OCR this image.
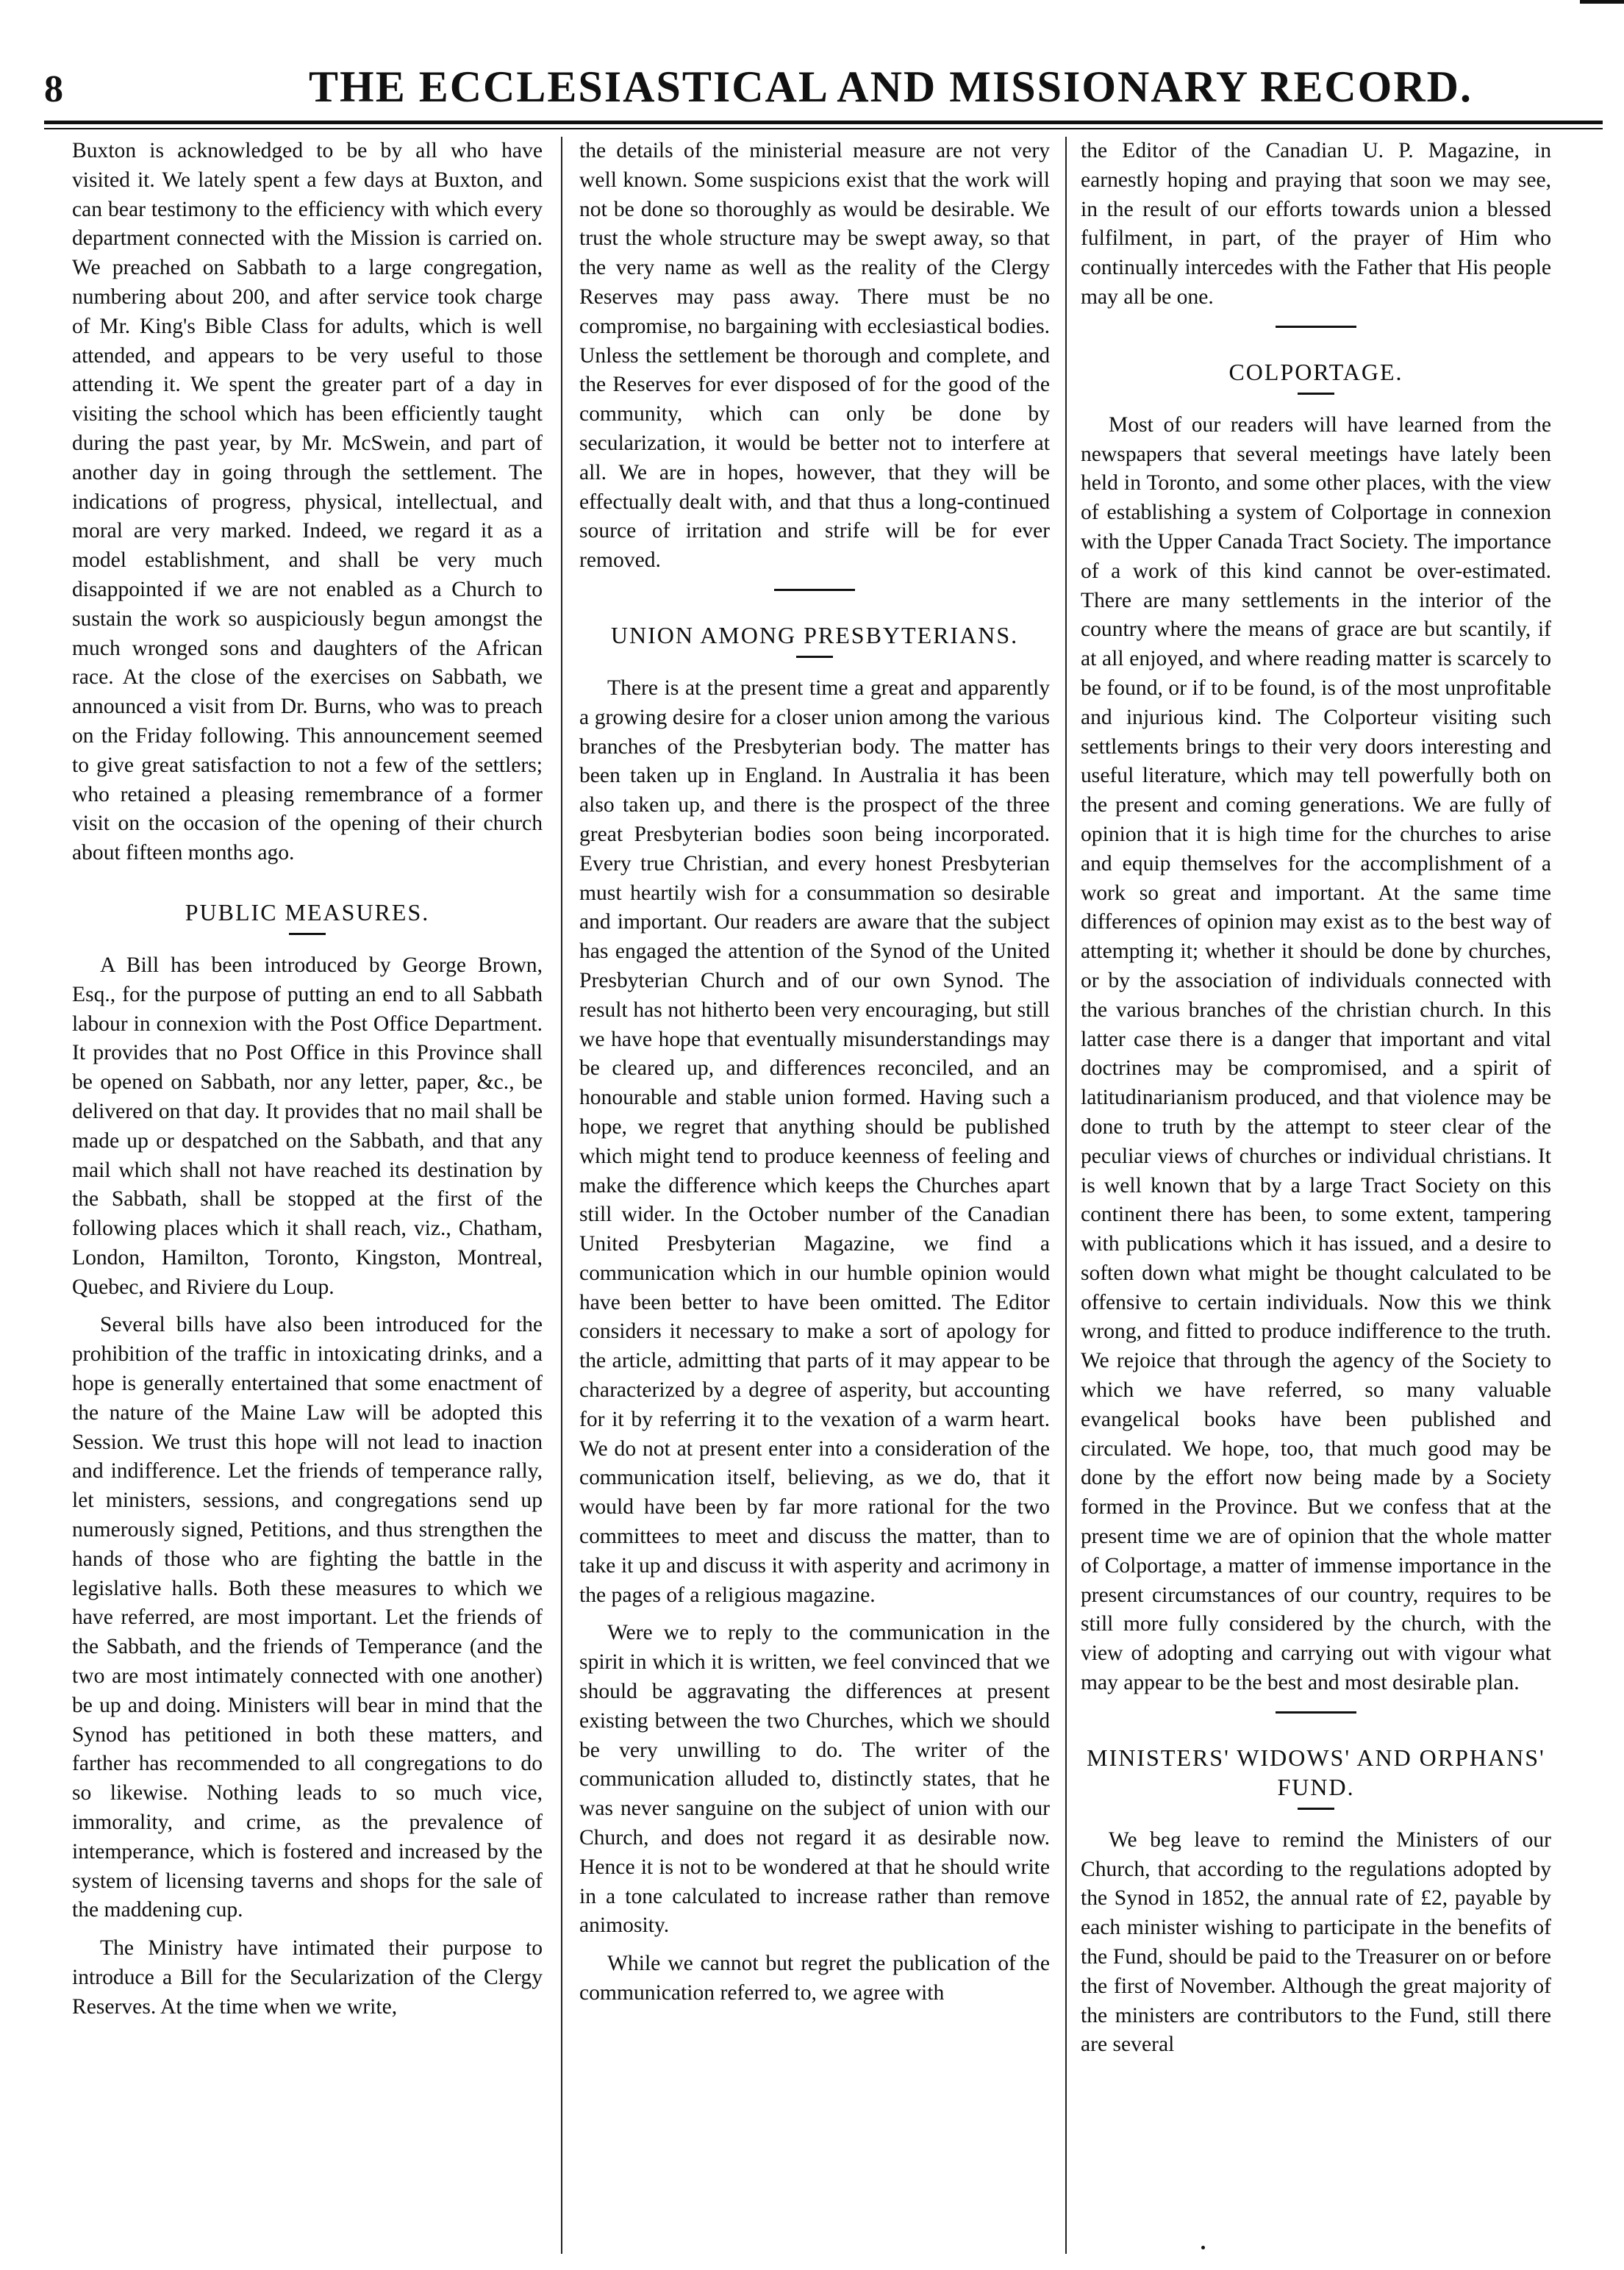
8	THE ECCLESIASTICAL AND MISSIONARY RECORD.

Buxton is acknowledged to be by all who have visited it. We lately spent a few days at Buxton, and can bear testimony to the efficiency with which every department connected with the Mission is carried on. We preached on Sabbath to a large congregation, numbering about 200, and after service took charge of Mr. King's Bible Class for adults, which is well attended, and appears to be very useful to those attending it. We spent the greater part of a day in visiting the school which has been efficiently taught during the past year, by Mr. McSwein, and part of another day in going through the settlement. The indications of progress, physical, intellectual, and moral are very marked. Indeed, we regard it as a model establishment, and shall be very much disappointed if we are not enabled as a Church to sustain the work so auspiciously begun amongst the much wronged sons and daughters of the African race. At the close of the exercises on Sabbath, we announced a visit from Dr. Burns, who was to preach on the Friday following. This announcement seemed to give great satisfaction to not a few of the settlers; who retained a pleasing remembrance of a former visit on the occasion of the opening of their church about fifteen months ago.

PUBLIC MEASURES.

A Bill has been introduced by George Brown, Esq., for the purpose of putting an end to all Sabbath labour in connexion with the Post Office Department. It provides that no Post Office in this Province shall be opened on Sabbath, nor any letter, paper, &c., be delivered on that day. It provides that no mail shall be made up or despatched on the Sabbath, and that any mail which shall not have reached its destination by the Sabbath, shall be stopped at the first of the following places which it shall reach, viz., Chatham, London, Hamilton, Toronto, Kingston, Montreal, Quebec, and Riviere du Loup.

Several bills have also been introduced for the prohibition of the traffic in intoxicating drinks, and a hope is generally entertained that some enactment of the nature of the Maine Law will be adopted this Session. We trust this hope will not lead to inaction and indifference. Let the friends of temperance rally, let ministers, sessions, and congregations send up numerously signed, Petitions, and thus strengthen the hands of those who are fighting the battle in the legislative halls. Both these measures to which we have referred, are most important. Let the friends of the Sabbath, and the friends of Temperance (and the two are most intimately connected with one another) be up and doing. Ministers will bear in mind that the Synod has petitioned in both these matters, and farther has recommended to all congregations to do so likewise. Nothing leads to so much vice, immorality, and crime, as the prevalence of intemperance, which is fostered and increased by the system of licensing taverns and shops for the sale of the maddening cup.

The Ministry have intimated their purpose to introduce a Bill for the Secularization of the Clergy Reserves. At the time when we write,

the details of the ministerial measure are not very well known. Some suspicions exist that the work will not be done so thoroughly as would be desirable. We trust the whole structure may be swept away, so that the very name as well as the reality of the Clergy Reserves may pass away. There must be no compromise, no bargaining with ecclesiastical bodies. Unless the settlement be thorough and complete, and the Reserves for ever disposed of for the good of the community, which can only be done by secularization, it would be better not to interfere at all. We are in hopes, however, that they will be effectually dealt with, and that thus a long-continued source of irritation and strife will be for ever removed.

UNION AMONG PRESBYTERIANS.

There is at the present time a great and apparently a growing desire for a closer union among the various branches of the Presbyterian body. The matter has been taken up in England. In Australia it has been also taken up, and there is the prospect of the three great Presbyterian bodies soon being incorporated. Every true Christian, and every honest Presbyterian must heartily wish for a consummation so desirable and important. Our readers are aware that the subject has engaged the attention of the Synod of the United Presbyterian Church and of our own Synod. The result has not hitherto been very encouraging, but still we have hope that eventually misunderstandings may be cleared up, and differences reconciled, and an honourable and stable union formed. Having such a hope, we regret that anything should be published which might tend to produce keenness of feeling and make the difference which keeps the Churches apart still wider. In the October number of the Canadian United Presbyterian Magazine, we find a communication which in our humble opinion would have been better to have been omitted. The Editor considers it necessary to make a sort of apology for the article, admitting that parts of it may appear to be characterized by a degree of asperity, but accounting for it by referring it to the vexation of a warm heart. We do not at present enter into a consideration of the communication itself, believing, as we do, that it would have been by far more rational for the two committees to meet and discuss the matter, than to take it up and discuss it with asperity and acrimony in the pages of a religious magazine.

Were we to reply to the communication in the spirit in which it is written, we feel convinced that we should be aggravating the differences at present existing between the two Churches, which we should be very unwilling to do. The writer of the communication alluded to, distinctly states, that he was never sanguine on the subject of union with our Church, and does not regard it as desirable now. Hence it is not to be wondered at that he should write in a tone calculated to increase rather than remove animosity.

While we cannot but regret the publication of the communication referred to, we agree with

the Editor of the Canadian U. P. Magazine, in earnestly hoping and praying that soon we may see, in the result of our efforts towards union a blessed fulfilment, in part, of the prayer of Him who continually intercedes with the Father that His people may all be one.

COLPORTAGE.

Most of our readers will have learned from the newspapers that several meetings have lately been held in Toronto, and some other places, with the view of establishing a system of Colportage in connexion with the Upper Canada Tract Society. The importance of a work of this kind cannot be over-estimated. There are many settlements in the interior of the country where the means of grace are but scantily, if at all enjoyed, and where reading matter is scarcely to be found, or if to be found, is of the most unprofitable and injurious kind. The Colporteur visiting such settlements brings to their very doors interesting and useful literature, which may tell powerfully both on the present and coming generations. We are fully of opinion that it is high time for the churches to arise and equip themselves for the accomplishment of a work so great and important. At the same time differences of opinion may exist as to the best way of attempting it; whether it should be done by churches, or by the association of individuals connected with the various branches of the christian church. In this latter case there is a danger that important and vital doctrines may be compromised, and a spirit of latitudinarianism produced, and that violence may be done to truth by the attempt to steer clear of the peculiar views of churches or individual christians. It is well known that by a large Tract Society on this continent there has been, to some extent, tampering with publications which it has issued, and a desire to soften down what might be thought calculated to be offensive to certain individuals. Now this we think wrong, and fitted to produce indifference to the truth. We rejoice that through the agency of the Society to which we have referred, so many valuable evangelical books have been published and circulated. We hope, too, that much good may be done by the effort now being made by a Society formed in the Province. But we confess that at the present time we are of opinion that the whole matter of Colportage, a matter of immense importance in the present circumstances of our country, requires to be still more fully considered by the church, with the view of adopting and carrying out with vigour what may appear to be the best and most desirable plan.

MINISTERS' WIDOWS' AND ORPHANS' FUND.

We beg leave to remind the Ministers of our Church, that according to the regulations adopted by the Synod in 1852, the annual rate of £2, payable by each minister wishing to participate in the benefits of the Fund, should be paid to the Treasurer on or before the first of November. Although the great majority of the ministers are contributors to the Fund, still there are several
